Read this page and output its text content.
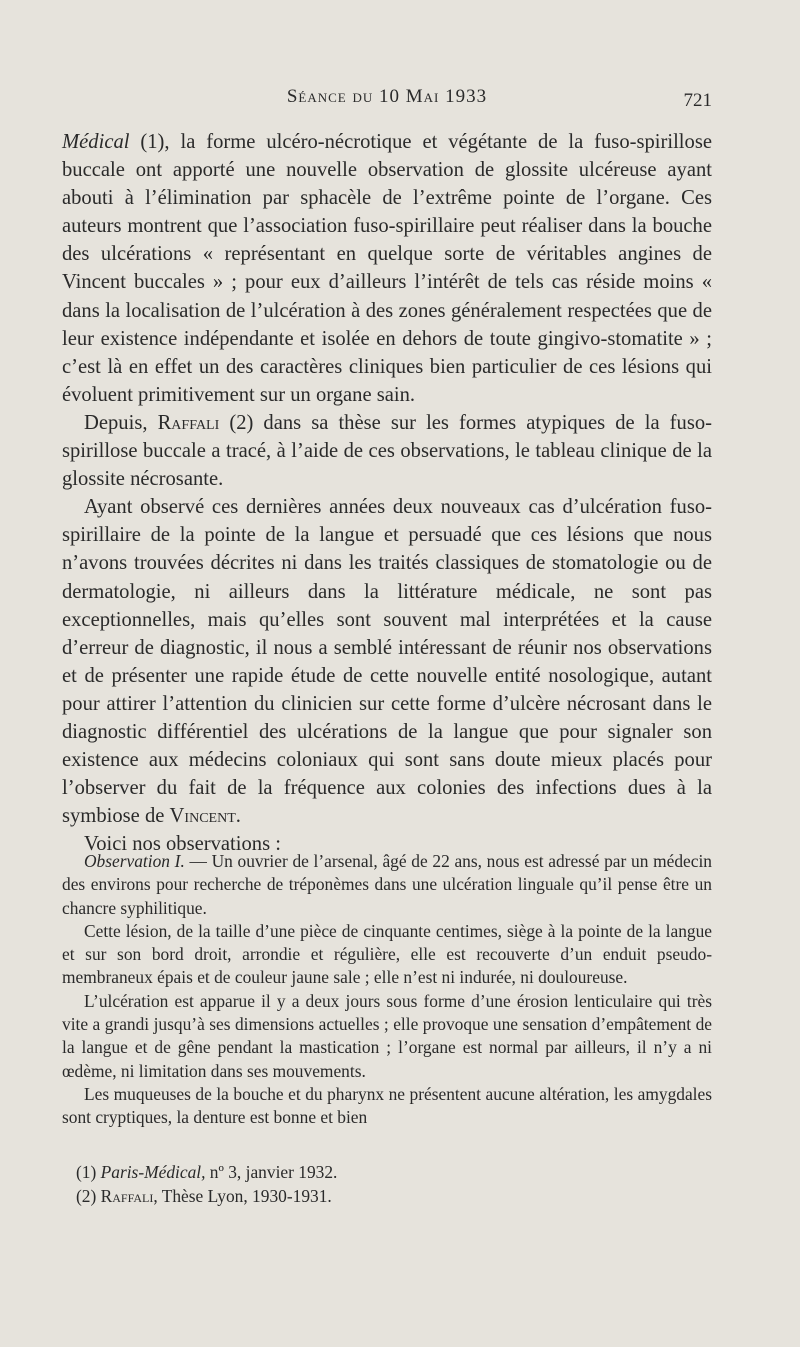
Séance du 10 Mai 1933	721

Médical (1), la forme ulcéro-nécrotique et végétante de la fuso-spirillose buccale ont apporté une nouvelle observation de glossite ulcéreuse ayant abouti à l’élimination par sphacèle de l’extrême pointe de l’organe. Ces auteurs montrent que l’association fuso-spirillaire peut réaliser dans la bouche des ulcérations « représentant en quelque sorte de véritables angines de Vincent buccales » ; pour eux d’ailleurs l’intérêt de tels cas réside moins « dans la localisation de l’ulcération à des zones généralement respectées que de leur existence indépendante et isolée en dehors de toute gingivo-stomatite » ; c’est là en effet un des caractères cliniques bien particulier de ces lésions qui évoluent primitivement sur un organe sain.

Depuis, Raffali (2) dans sa thèse sur les formes atypiques de la fuso-spirillose buccale a tracé, à l’aide de ces observations, le tableau clinique de la glossite nécrosante.

Ayant observé ces dernières années deux nouveaux cas d’ulcération fuso-spirillaire de la pointe de la langue et persuadé que ces lésions que nous n’avons trouvées décrites ni dans les traités classiques de stomatologie ou de dermatologie, ni ailleurs dans la littérature médicale, ne sont pas exceptionnelles, mais qu’elles sont souvent mal interprétées et la cause d’erreur de diagnostic, il nous a semblé intéressant de réunir nos observations et de présenter une rapide étude de cette nouvelle entité nosologique, autant pour attirer l’attention du clinicien sur cette forme d’ulcère nécrosant dans le diagnostic différentiel des ulcérations de la langue que pour signaler son existence aux médecins coloniaux qui sont sans doute mieux placés pour l’observer du fait de la fréquence aux colonies des infections dues à la symbiose de Vincent.

Voici nos observations :

Observation I. — Un ouvrier de l’arsenal, âgé de 22 ans, nous est adressé par un médecin des environs pour recherche de tréponèmes dans une ulcération linguale qu’il pense être un chancre syphilitique.

Cette lésion, de la taille d’une pièce de cinquante centimes, siège à la pointe de la langue et sur son bord droit, arrondie et régulière, elle est recouverte d’un enduit pseudo-membraneux épais et de couleur jaune sale ; elle n’est ni indurée, ni douloureuse.

L’ulcération est apparue il y a deux jours sous forme d’une érosion lenticulaire qui très vite a grandi jusqu’à ses dimensions actuelles ; elle provoque une sensation d’empâtement de la langue et de gêne pendant la mastication ; l’organe est normal par ailleurs, il n’y a ni œdème, ni limitation dans ses mouvements.

Les muqueuses de la bouche et du pharynx ne présentent aucune altération, les amygdales sont cryptiques, la denture est bonne et bien

(1) Paris-Médical, nº 3, janvier 1932.

(2) Raffali, Thèse Lyon, 1930-1931.
